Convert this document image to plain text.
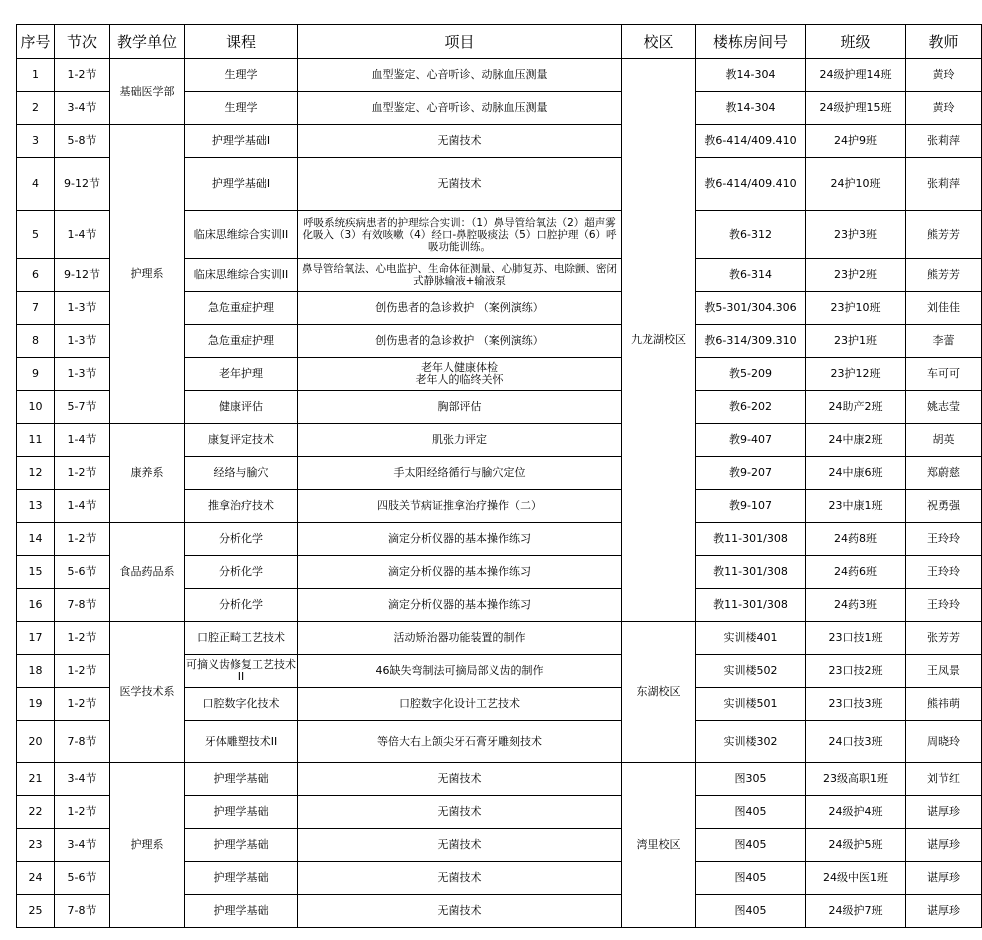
序号	节次	教学单位	课程	项目	校区	楼栋房间号	班级	教师
1	1-2节	基础医学部	生理学	血型鉴定、心音听诊、动脉血压测量	九龙湖校区	教14-304	24级护理14班	黄玲
2	3-4节		生理学	血型鉴定、心音听诊、动脉血压测量		教14-304	24级护理15班	黄玲
3	5-8节	护理系	护理学基础I	无菌技术		教6-414/409.410	24护9班	张莉萍
4	9-12节		护理学基础I	无菌技术		教6-414/409.410	24护10班	张莉萍
5	1-4节		临床思维综合实训II	呼吸系统疾病患者的护理综合实训：（1）鼻导管给氧法（2）超声雾化吸入（3）有效咳嗽（4）经口-鼻腔吸痰法（5）口腔护理（6）呼吸功能训练。		教6-312	23护3班	熊芳芳
6	9-12节		临床思维综合实训II	鼻导管给氧法、心电监护、生命体征测量、心肺复苏、电除颤、密闭式静脉输液+输液泵		教6-314	23护2班	熊芳芳
7	1-3节		急危重症护理	创伤患者的急诊救护 （案例演练）		教5-301/304.306	23护10班	刘佳佳
8	1-3节		急危重症护理	创伤患者的急诊救护 （案例演练）		教6-314/309.310	23护1班	李蕾
9	1-3节		老年护理	老年人健康体检
老年人的临终关怀		教5-209	23护12班	车可可
10	5-7节		健康评估	胸部评估		教6-202	24助产2班	姚志莹
11	1-4节	康养系	康复评定技术	肌张力评定		教9-407	24中康2班	胡英
12	1-2节		经络与腧穴	手太阳经络循行与腧穴定位		教9-207	24中康6班	郑蔚慈
13	1-4节		推拿治疗技术	四肢关节病证推拿治疗操作（二）		教9-107	23中康1班	祝勇强
14	1-2节	食品药品系	分析化学	滴定分析仪器的基本操作练习		教11-301/308	24药8班	王玲玲
15	5-6节		分析化学	滴定分析仪器的基本操作练习		教11-301/308	24药6班	王玲玲
16	7-8节		分析化学	滴定分析仪器的基本操作练习		教11-301/308	24药3班	王玲玲
17	1-2节	医学技术系	口腔正畸工艺技术	活动矫治器功能装置的制作	东湖校区	实训楼401	23口技1班	张芳芳
18	1-2节		可摘义齿修复工艺技术II	46缺失弯制法可摘局部义齿的制作		实训楼502	23口技2班	王凤景
19	1-2节		口腔数字化技术	口腔数字化设计工艺技术		实训楼501	23口技3班	熊祎萌
20	7-8节		牙体雕塑技术II	等倍大右上颌尖牙石膏牙雕刻技术		实训楼302	24口技3班	周晓玲
21	3-4节	护理系	护理学基础	无菌技术	湾里校区	图305	23级高职1班	刘节红
22	1-2节		护理学基础	无菌技术		图405	24级护4班	谌厚珍
23	3-4节		护理学基础	无菌技术		图405	24级护5班	谌厚珍
24	5-6节		护理学基础	无菌技术		图405	24级中医1班	谌厚珍
25	7-8节		护理学基础	无菌技术		图405	24级护7班	谌厚珍
